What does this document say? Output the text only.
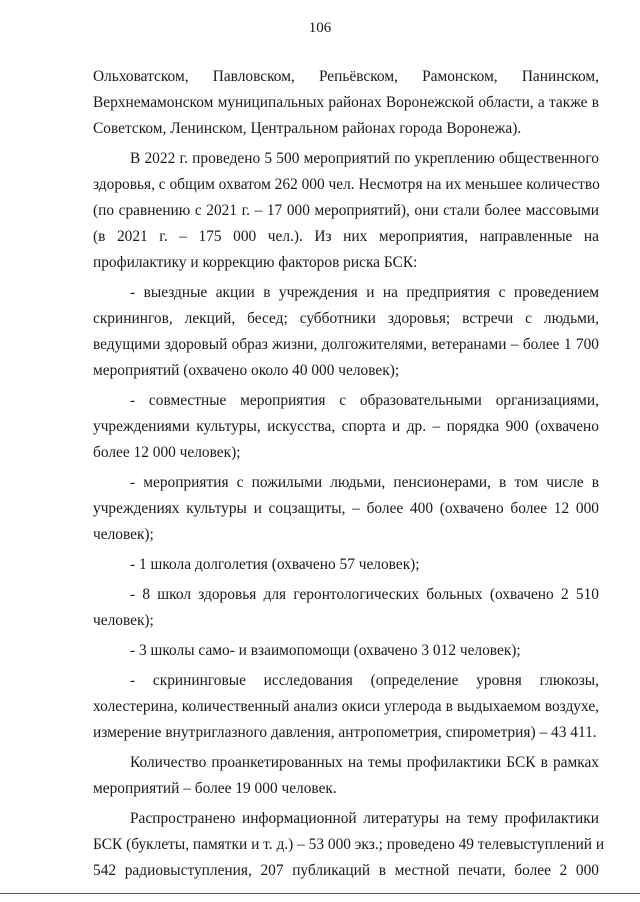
106
Ольховатском, Павловском, Репьёвском, Рамонском, Панинском,
Верхнемамонском муниципальных районах Воронежской области, а также в
Советском, Ленинском, Центральном районах города Воронежа).
В 2022 г. проведено 5 500 мероприятий по укреплению общественного
здоровья, с общим охватом 262 000 чел. Несмотря на их меньшее количество
(по сравнению с 2021 г. – 17 000 мероприятий), они стали более массовыми
(в 2021 г. – 175 000 чел.). Из них мероприятия, направленные на
профилактику и коррекцию факторов риска БСК:
- выездные акции в учреждения и на предприятия с проведением
скринингов, лекций, бесед; субботники здоровья; встречи с людьми,
ведущими здоровый образ жизни, долгожителями, ветеранами – более 1 700
мероприятий (охвачено около 40 000 человек);
- совместные мероприятия с образовательными организациями,
учреждениями культуры, искусства, спорта и др. – порядка 900 (охвачено
более 12 000 человек);
- мероприятия с пожилыми людьми, пенсионерами, в том числе в
учреждениях культуры и соцзащиты, – более 400 (охвачено более 12 000
человек);
- 1 школа долголетия (охвачено 57 человек);
- 8 школ здоровья для геронтологических больных (охвачено 2 510
человек);
- 3 школы само- и взаимопомощи (охвачено 3 012 человек);
- скрининговые исследования (определение уровня глюкозы,
холестерина, количественный анализ окиси углерода в выдыхаемом воздухе,
измерение внутриглазного давления, антропометрия, спирометрия) – 43 411.
Количество проанкетированных на темы профилактики БСК в рамках
мероприятий – более 19 000 человек.
Распространено информационной литературы на тему профилактики
БСК (буклеты, памятки и т. д.) – 53 000 экз.; проведено 49 телевыступлений и
542 радиовыступления, 207 публикаций в местной печати, более 2 000
